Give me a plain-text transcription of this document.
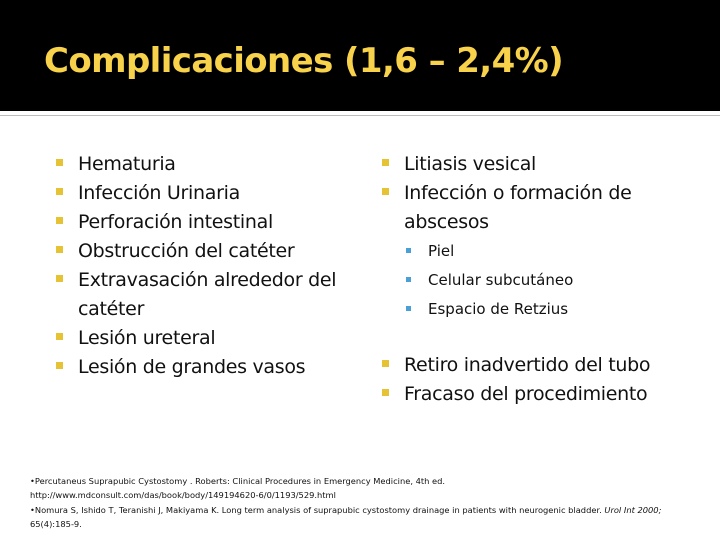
Complicaciones (1,6 – 2,4%)
Hematuria
Infección Urinaria
Perforación intestinal
Obstrucción del catéter
Extravasación alrededor del catéter
Lesión ureteral
Lesión de grandes vasos
Litiasis vesical
Infección o formación de abscesos
Piel
Celular subcutáneo
Espacio de Retzius
Retiro inadvertido del tubo
Fracaso del procedimiento

•Percutaneus Suprapubic Cystostomy . Roberts: Clinical Procedures in Emergency Medicine, 4th ed.
http://www.mdconsult.com/das/book/body/149194620-6/0/1193/529.html

•Nomura S, Ishido T, Teranishi J, Makiyama K. Long term analysis of suprapubic cystostomy drainage in patients with neurogenic bladder. Urol Int 2000; 65(4):185-9.
